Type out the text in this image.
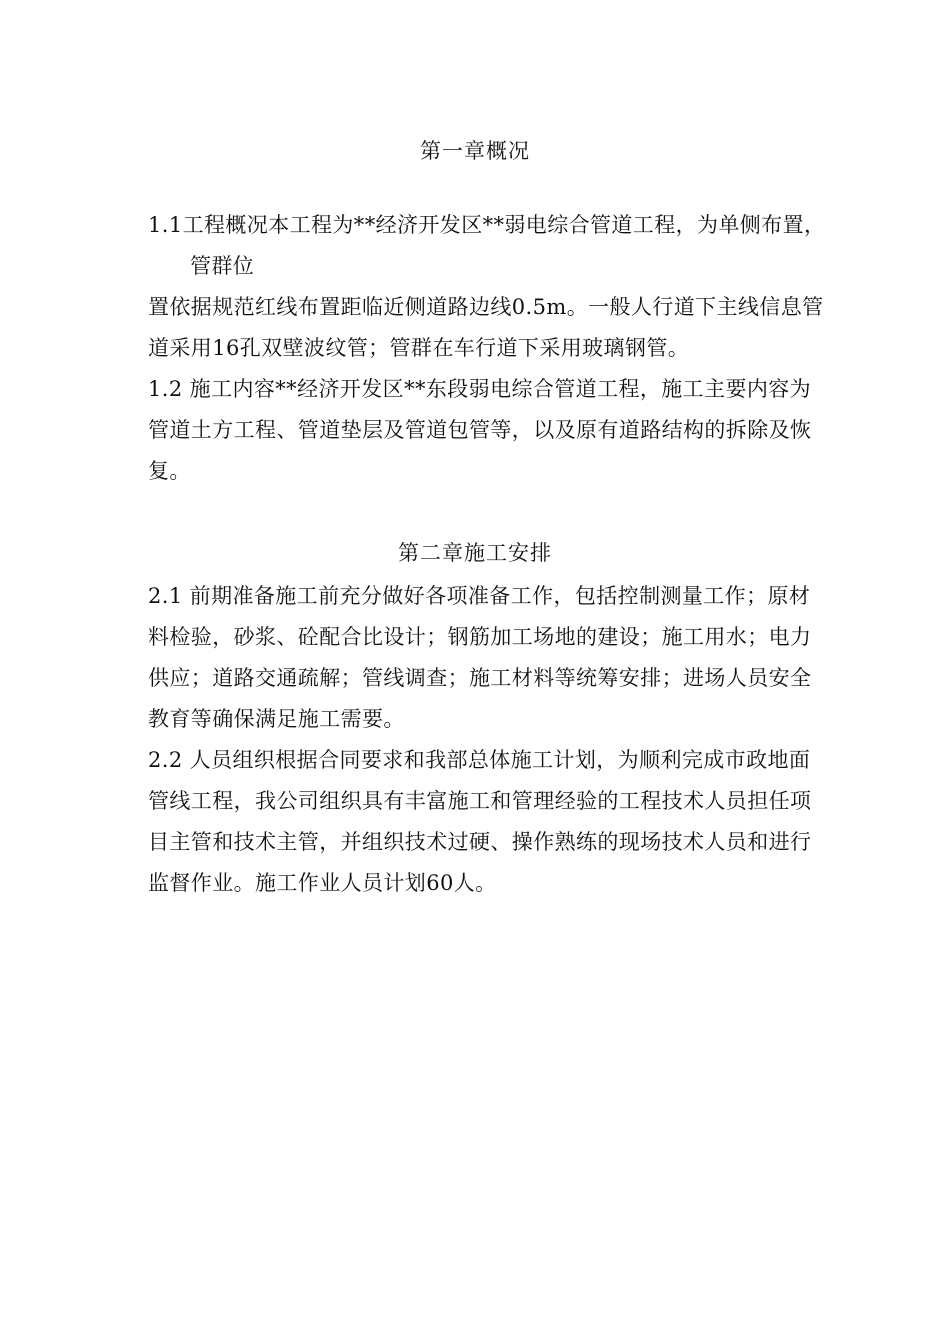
第一章概况
1.1工程概况本工程为**经济开发区**弱电综合管道工程，为单侧布置，
管群位
置依据规范红线布置距临近侧道路边线0.5m。一般人行道下主线信息管
道采用16孔双壁波纹管；管群在车行道下采用玻璃钢管。
1.2 施工内容**经济开发区**东段弱电综合管道工程，施工主要内容为
管道土方工程、管道垫层及管道包管等，以及原有道路结构的拆除及恢
复。
第二章施工安排
2.1 前期准备施工前充分做好各项准备工作，包括控制测量工作；原材
料检验，砂浆、砼配合比设计；钢筋加工场地的建设；施工用水；电力
供应；道路交通疏解；管线调查；施工材料等统筹安排；进场人员安全
教育等确保满足施工需要。
2.2 人员组织根据合同要求和我部总体施工计划，为顺利完成市政地面
管线工程，我公司组织具有丰富施工和管理经验的工程技术人员担任项
目主管和技术主管，并组织技术过硬、操作熟练的现场技术人员和进行
监督作业。施工作业人员计划60人。
